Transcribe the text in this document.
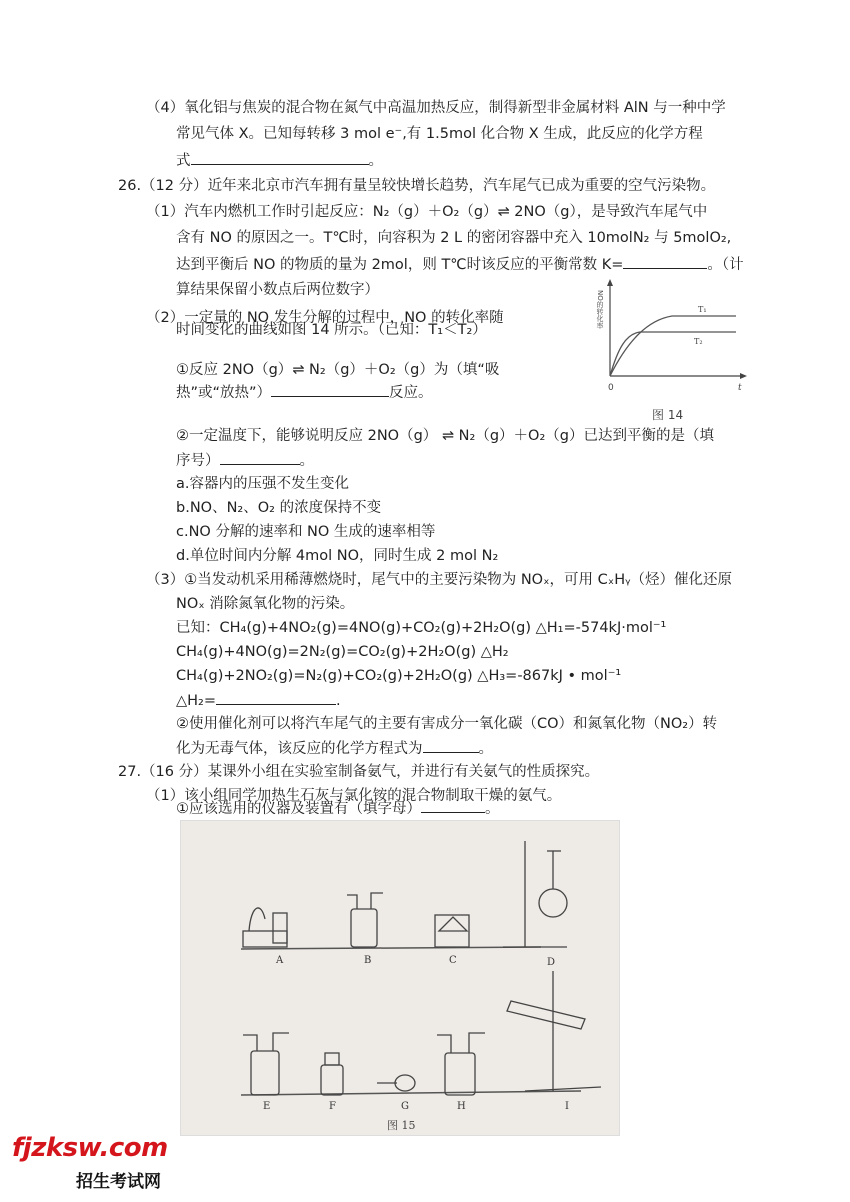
（4）氧化铝与焦炭的混合物在氮气中高温加热反应，制得新型非金属材料 AlN 与一种中学
常见气体 X。已知每转移 3 mol e⁻,有 1.5mol 化合物 X 生成，此反应的化学方程
式	。
26.（12 分）近年来北京市汽车拥有量呈较快增长趋势，汽车尾气已成为重要的空气污染物。
（1）汽车内燃机工作时引起反应：N₂（g）＋O₂（g）⇌ 2NO（g），是导致汽车尾气中
含有 NO 的原因之一。T℃时，向容积为 2 L 的密闭容器中充入 10molN₂ 与 5molO₂,
达到平衡后 NO 的物质的量为 2mol，则 T℃时该反应的平衡常数 K=	。（计
算结果保留小数点后两位数字）
（2）一定量的 NO 发生分解的过程中，NO 的转化率随
时间变化的曲线如图 14 所示。（已知：T₁＜T₂）
①反应 2NO（g）⇌ N₂（g）＋O₂（g）为（填“吸
热”或“放热”）	反应。
②一定温度下，能够说明反应 2NO（g） ⇌ N₂（g）＋O₂（g）已达到平衡的是（填
序号）	。
a.容器内的压强不发生变化
b.NO、N₂、O₂ 的浓度保持不变
c.NO 分解的速率和 NO 生成的速率相等
d.单位时间内分解 4mol NO，同时生成 2 mol N₂
（3）①当发动机采用稀薄燃烧时，尾气中的主要污染物为 NOₓ，可用 CₓHᵧ（烃）催化还原
NOₓ 消除氮氧化物的污染。
已知：CH₄(g)+4NO₂(g)=4NO(g)+CO₂(g)+2H₂O(g) △H₁=-574kJ·mol⁻¹
CH₄(g)+4NO(g)=2N₂(g)=CO₂(g)+2H₂O(g) △H₂
CH₄(g)+2NO₂(g)=N₂(g)+CO₂(g)+2H₂O(g) △H₃=-867kJ • mol⁻¹
△H₂=	.
②使用催化剂可以将汽车尾气的主要有害成分一氧化碳（CO）和氮氧化物（NO₂）转
化为无毒气体，该反应的化学方程式为	。
27.（16 分）某课外小组在实验室制备氨气，并进行有关氨气的性质探究。
（1）该小组同学加热生石灰与氯化铵的混合物制取干燥的氨气。
①应该选用的仪器及装置有（填字母）	。
NO的转化率
0	t
T₁
T₂
图 14
A	B	C	D
E	F	G	H	I
图 15
fjzksw.com
招生考试网
